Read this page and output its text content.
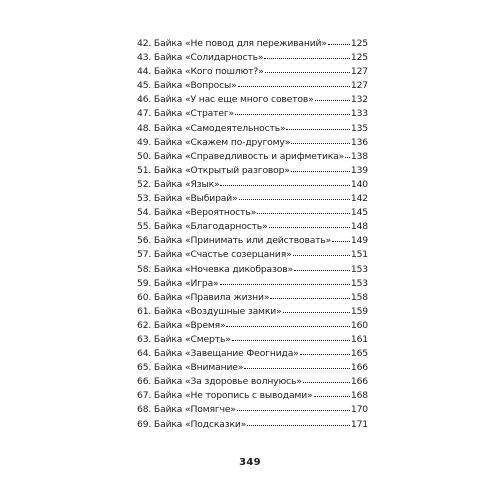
42. Байка «Не повод для переживаний»	125
43. Байка «Солидарность»	125
44. Байка «Кого пошлют?»	127
45. Байка «Вопросы»	127
46. Байка «У нас еще много советов»	132
47. Байка «Стратег»	133
48. Байка «Самодеятельность»	135
49. Байка «Скажем по-другому»	136
50. Байка «Справедливость и арифметика» 138
51. Байка «Открытый разговор»	139
52. Байка «Язык»	140
53. Байка «Выбирай»	142
54. Байка «Вероятность»	145
55. Байка «Благодарность»	148
56. Байка «Принимать или действовать» 149
57. Байка «Счастье созерцания»	151
58. Байка «Ночевка дикобразов»	153
59. Байка «Игра»	153
60. Байка «Правила жизни»	158
61. Байка «Воздушные замки»	159
62. Байка «Время»	160
63. Байка «Смерть»	161
64. Байка «Завещание Феогнида»	165
65. Байка «Внимание»	166
66. Байка «За здоровье волнуюсь»	166
67. Байка «Не торопись с выводами»	168
68. Байка «Помягче»	170
69. Байка «Подсказки»	171
349
